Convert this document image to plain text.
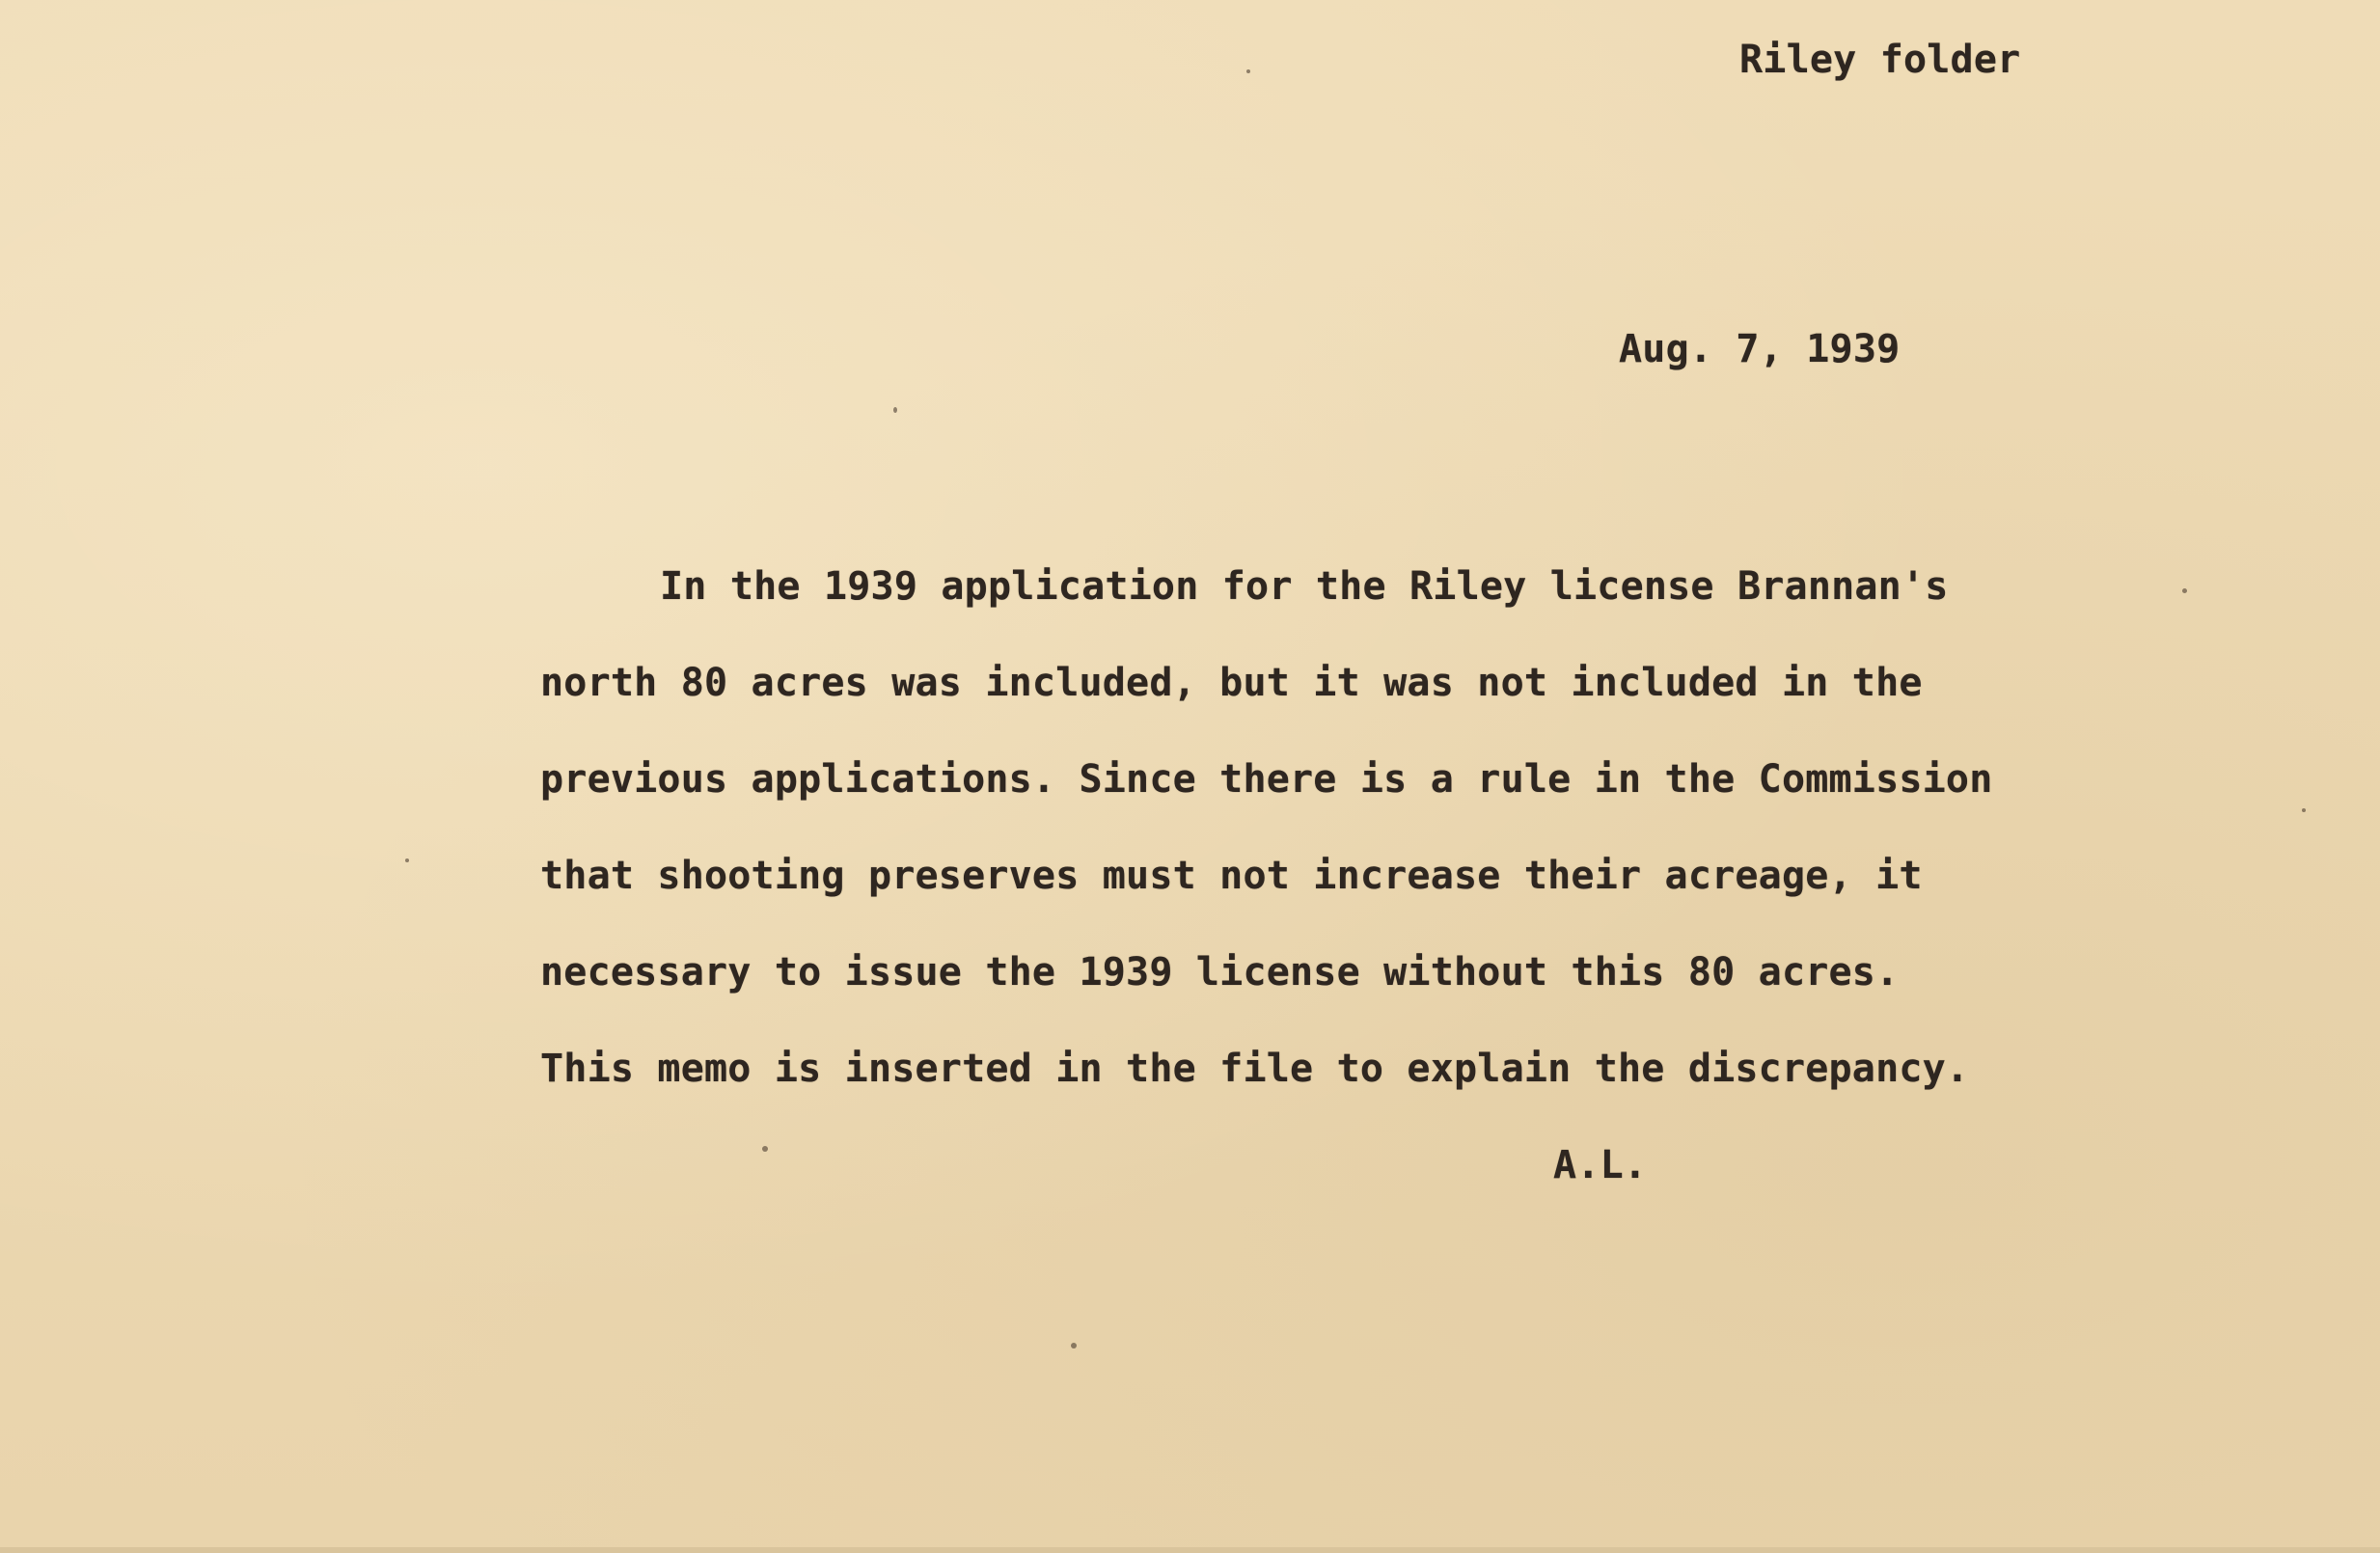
Riley folder
Aug. 7, 1939
In the 1939 application for the Riley license Brannan's
north 80 acres was included, but it was not included in the
previous applications. Since there is a rule in the Commission
that shooting preserves must not increase their acreage, it
necessary to issue the 1939 license without this 80 acres.
This memo is inserted in the file to explain the discrepancy.
A.L.
